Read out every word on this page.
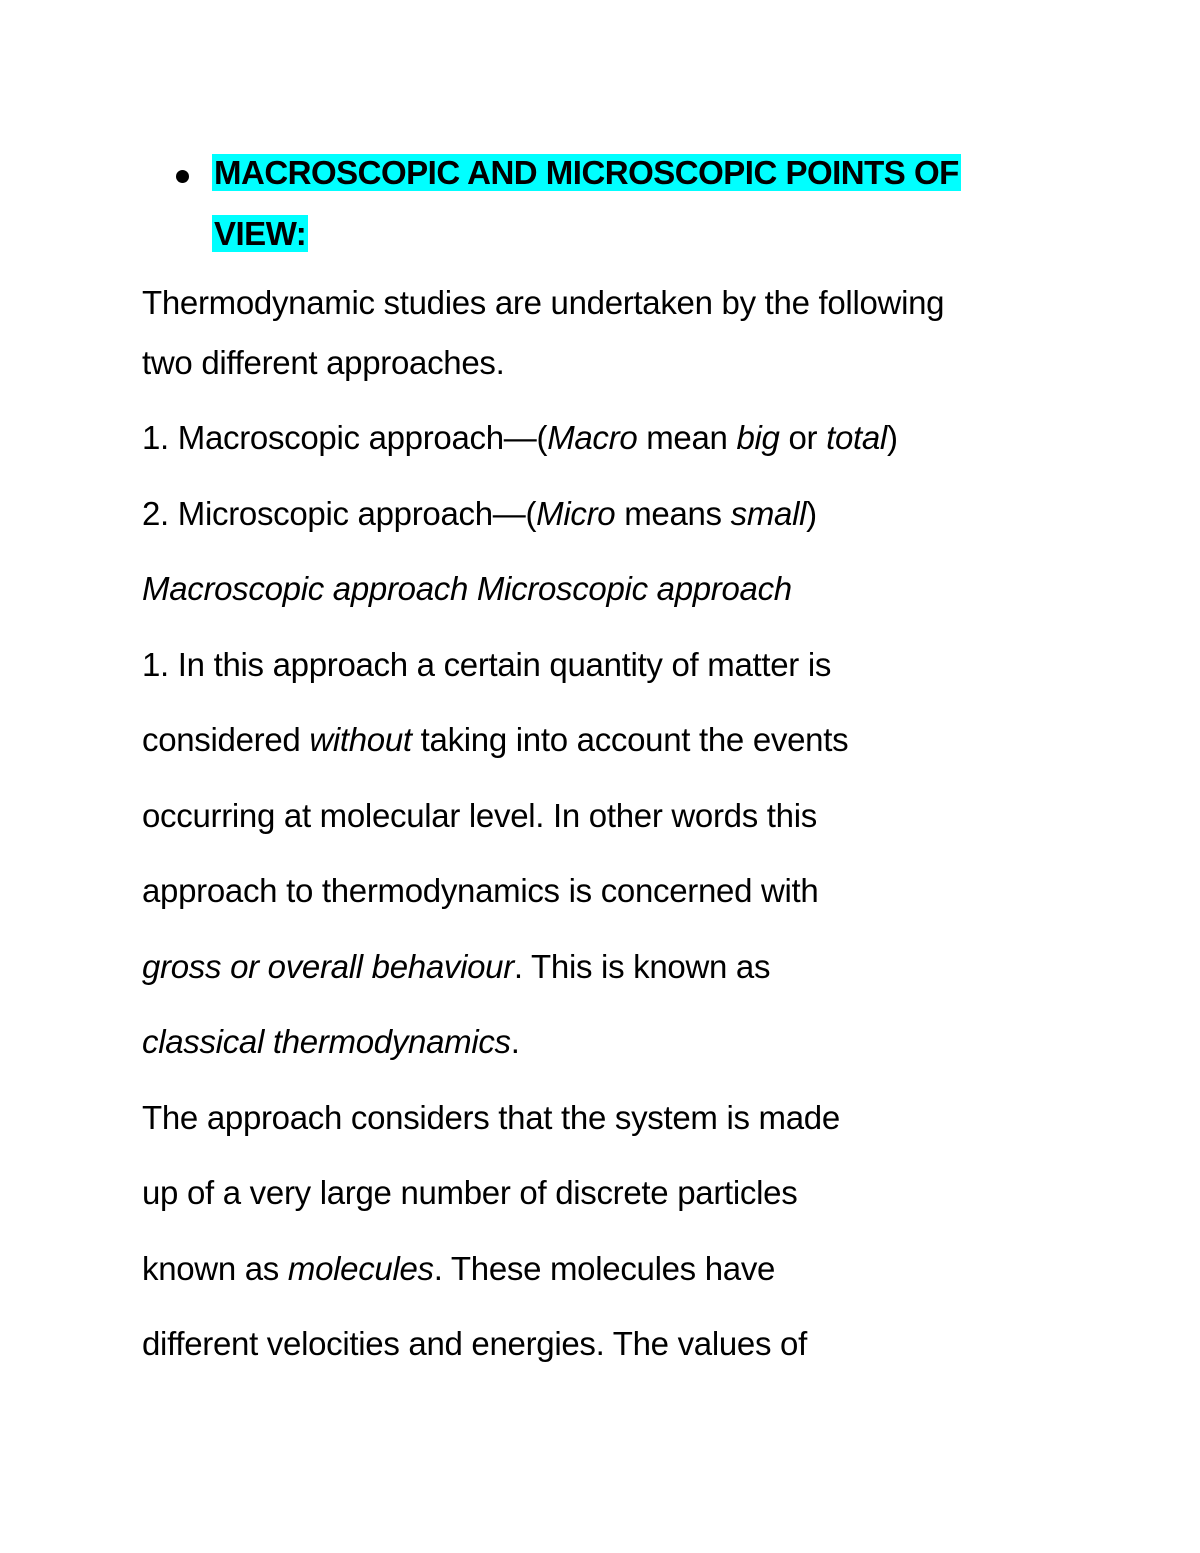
MACROSCOPIC AND MICROSCOPIC POINTS OF
VIEW:
Thermodynamic studies are undertaken by the following
two different approaches.
1. Macroscopic approach—(Macro mean big or total)
2. Microscopic approach—(Micro means small)
Macroscopic approach Microscopic approach
1. In this approach a certain quantity of matter is
considered without taking into account the events
occurring at molecular level. In other words this
approach to thermodynamics is concerned with
gross or overall behaviour. This is known as
classical thermodynamics.
The approach considers that the system is made
up of a very large number of discrete particles
known as molecules. These molecules have
different velocities and energies. The values of
